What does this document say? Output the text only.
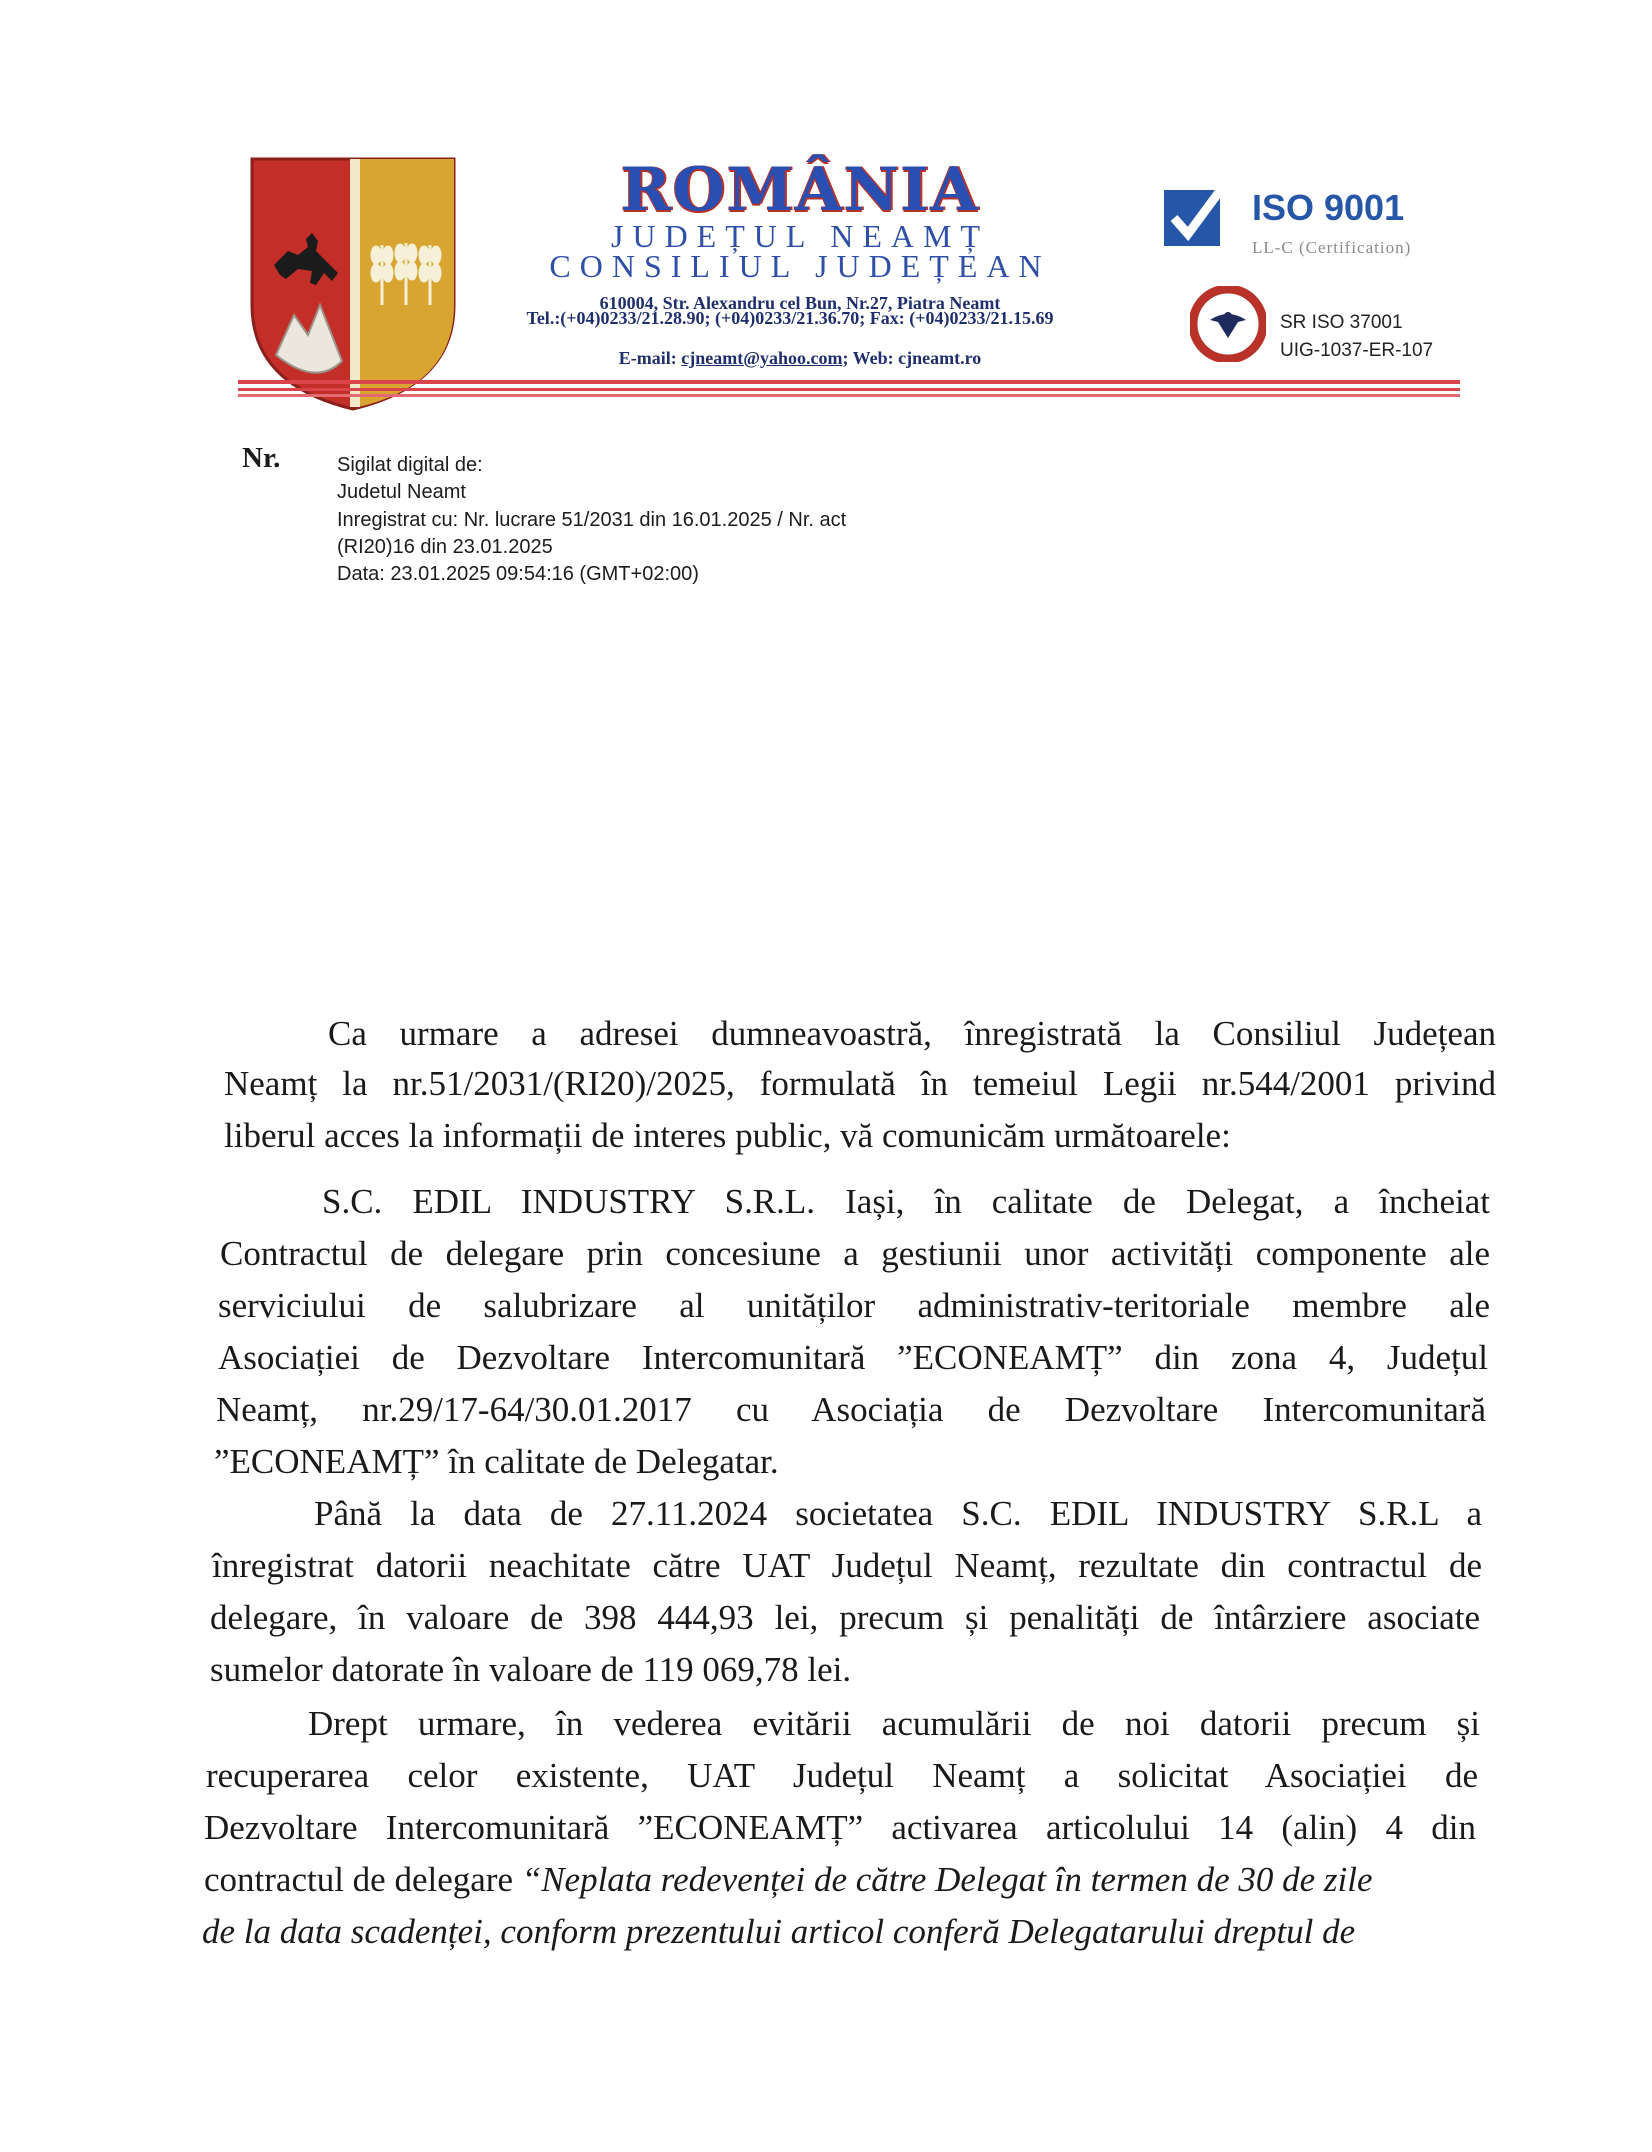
ROMÂNIA
JUDEȚUL NEAMȚ
CONSILIUL JUDEȚEAN
610004, Str. Alexandru cel Bun, Nr.27, Piatra Neamt
Tel.:(+04)0233/21.28.90; (+04)0233/21.36.70; Fax: (+04)0233/21.15.69
E-mail: cjneamt@yahoo.com; Web: cjneamt.ro
ISO 9001
LL-C (Certification)
SR ISO 37001
UIG-1037-ER-107
Nr.	Sigilat digital de:
Judetul Neamt
Inregistrat cu: Nr. lucrare 51/2031 din 16.01.2025 / Nr. act
(RI20)16 din 23.01.2025
Data: 23.01.2025 09:54:16 (GMT+02:00)
Ca urmare a adresei dumneavoastră, înregistrată la Consiliul Județean
Neamț la nr.51/2031/(RI20)/2025, formulată în temeiul Legii nr.544/2001 privind
liberul acces la informații de interes public, vă comunicăm următoarele:
S.C. EDIL INDUSTRY S.R.L. Iași, în calitate de Delegat, a încheiat
Contractul de delegare prin concesiune a gestiunii unor activități componente ale
serviciului de salubrizare al unităților administrativ-teritoriale membre ale
Asociației de Dezvoltare Intercomunitară ”ECONEAMȚ” din zona 4, Județul
Neamț, nr.29/17-64/30.01.2017 cu Asociația de Dezvoltare Intercomunitară
”ECONEAMȚ” în calitate de Delegatar.
Până la data de 27.11.2024 societatea S.C. EDIL INDUSTRY S.R.L a
înregistrat datorii neachitate către UAT Județul Neamț, rezultate din contractul de
delegare, în valoare de 398 444,93 lei, precum și penalități de întârziere asociate
sumelor datorate în valoare de 119 069,78 lei.
Drept urmare, în vederea evitării acumulării de noi datorii precum și
recuperarea celor existente, UAT Județul Neamț a solicitat Asociației de
Dezvoltare Intercomunitară ”ECONEAMȚ” activarea articolului 14 (alin) 4 din
contractul de delegare “Neplata redevenței de către Delegat în termen de 30 de zile
de la data scadenței, conform prezentului articol conferă Delegatarului dreptul de
